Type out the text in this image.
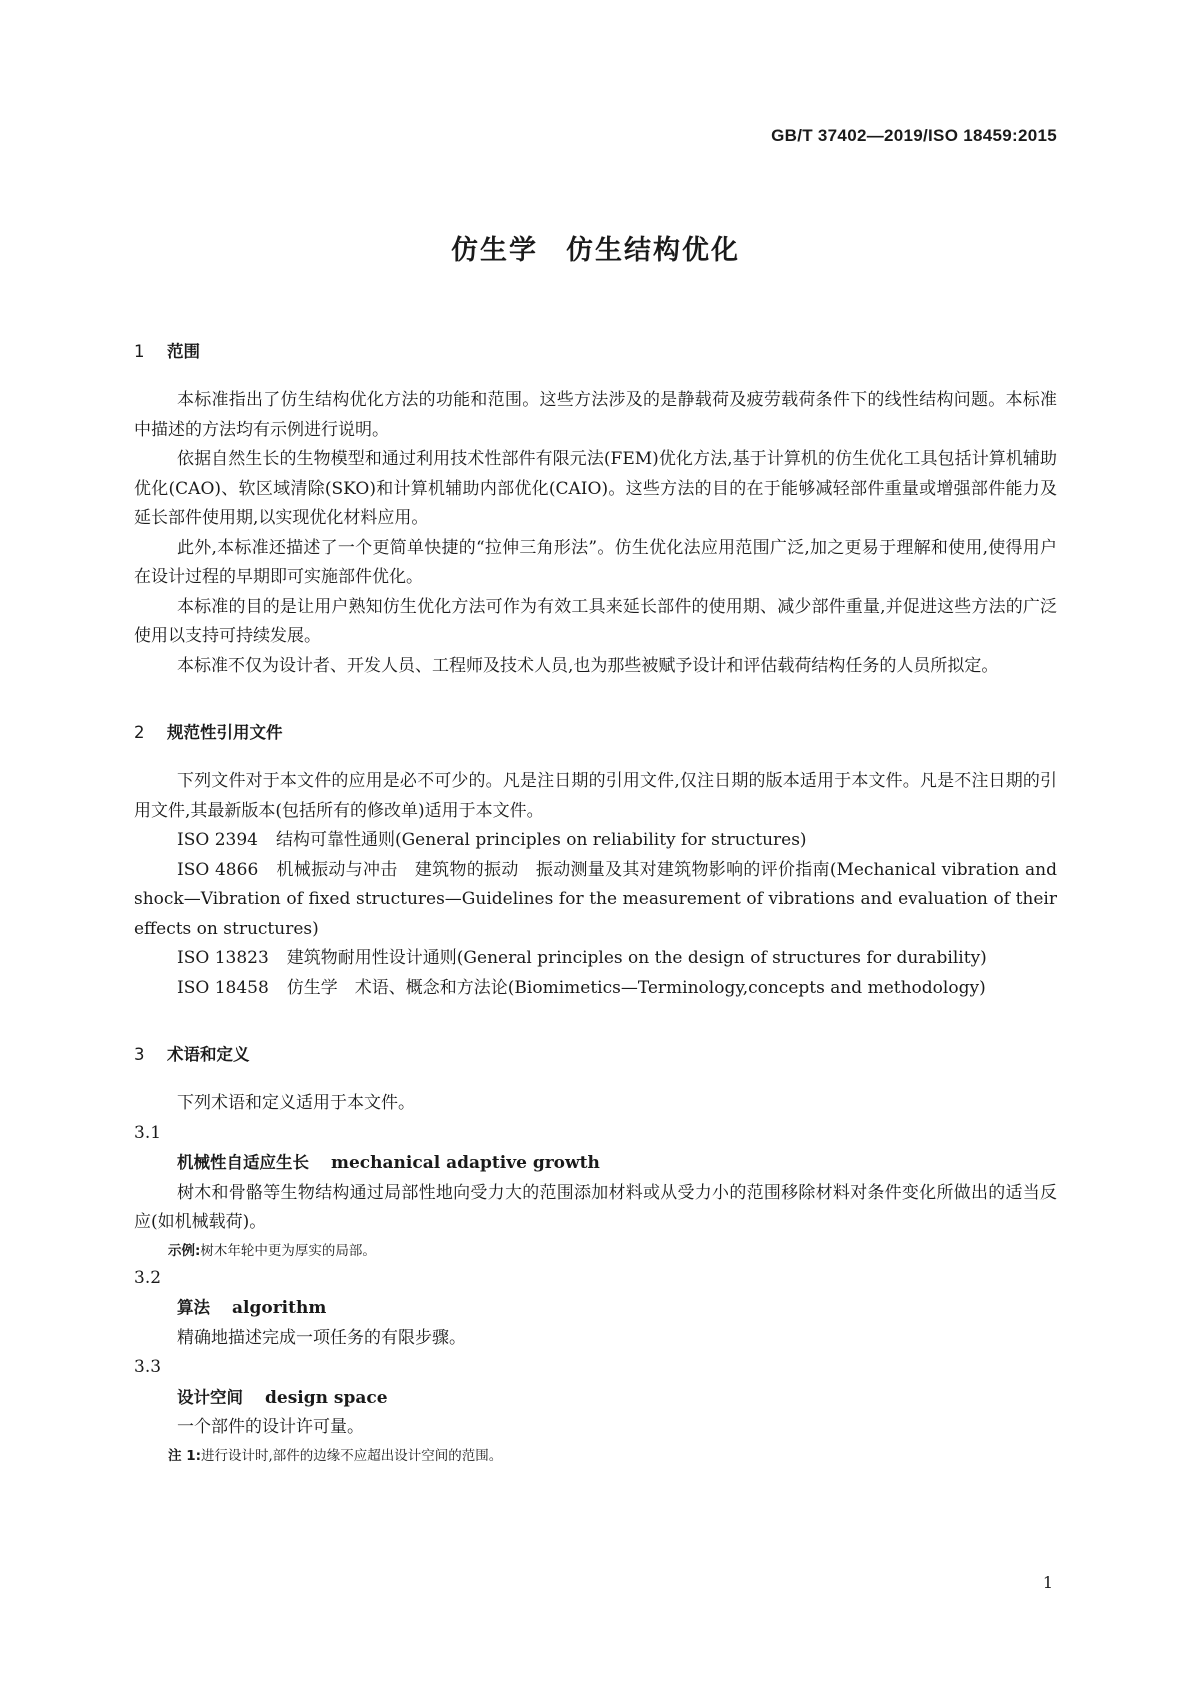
GB/T 37402—2019/ISO 18459:2015
仿生学 仿生结构优化
1 范围

本标准指出了仿生结构优化方法的功能和范围。这些方法涉及的是静载荷及疲劳载荷条件下的线性结构问题。本标准中描述的方法均有示例进行说明。

依据自然生长的生物模型和通过利用技术性部件有限元法(FEM)优化方法,基于计算机的仿生优化工具包括计算机辅助优化(CAO)、软区域清除(SKO)和计算机辅助内部优化(CAIO)。这些方法的目的在于能够减轻部件重量或增强部件能力及延长部件使用期,以实现优化材料应用。

此外,本标准还描述了一个更简单快捷的“拉伸三角形法”。仿生优化法应用范围广泛,加之更易于理解和使用,使得用户在设计过程的早期即可实施部件优化。

本标准的目的是让用户熟知仿生优化方法可作为有效工具来延长部件的使用期、减少部件重量,并促进这些方法的广泛使用以支持可持续发展。

本标准不仅为设计者、开发人员、工程师及技术人员,也为那些被赋予设计和评估载荷结构任务的人员所拟定。

2 规范性引用文件

下列文件对于本文件的应用是必不可少的。凡是注日期的引用文件,仅注日期的版本适用于本文件。凡是不注日期的引用文件,其最新版本(包括所有的修改单)适用于本文件。

ISO 2394 结构可靠性通则(General principles on reliability for structures)

ISO 4866 机械振动与冲击　建筑物的振动　振动测量及其对建筑物影响的评价指南(Mechanical vibration and shock—Vibration of fixed structures—Guidelines for the measurement of vibrations and evaluation of their effects on structures)

ISO 13823 建筑物耐用性设计通则(General principles on the design of structures for durability)

ISO 18458 仿生学　术语、概念和方法论(Biomimetics—Terminology,concepts and methodology)

3 术语和定义

下列术语和定义适用于本文件。

3.1

机械性自适应生长 mechanical adaptive growth

树木和骨骼等生物结构通过局部性地向受力大的范围添加材料或从受力小的范围移除材料对条件变化所做出的适当反应(如机械载荷)。

示例:树木年轮中更为厚实的局部。

3.2

算法 algorithm

精确地描述完成一项任务的有限步骤。

3.3

设计空间 design space

一个部件的设计许可量。

注 1:进行设计时,部件的边缘不应超出设计空间的范围。

1
